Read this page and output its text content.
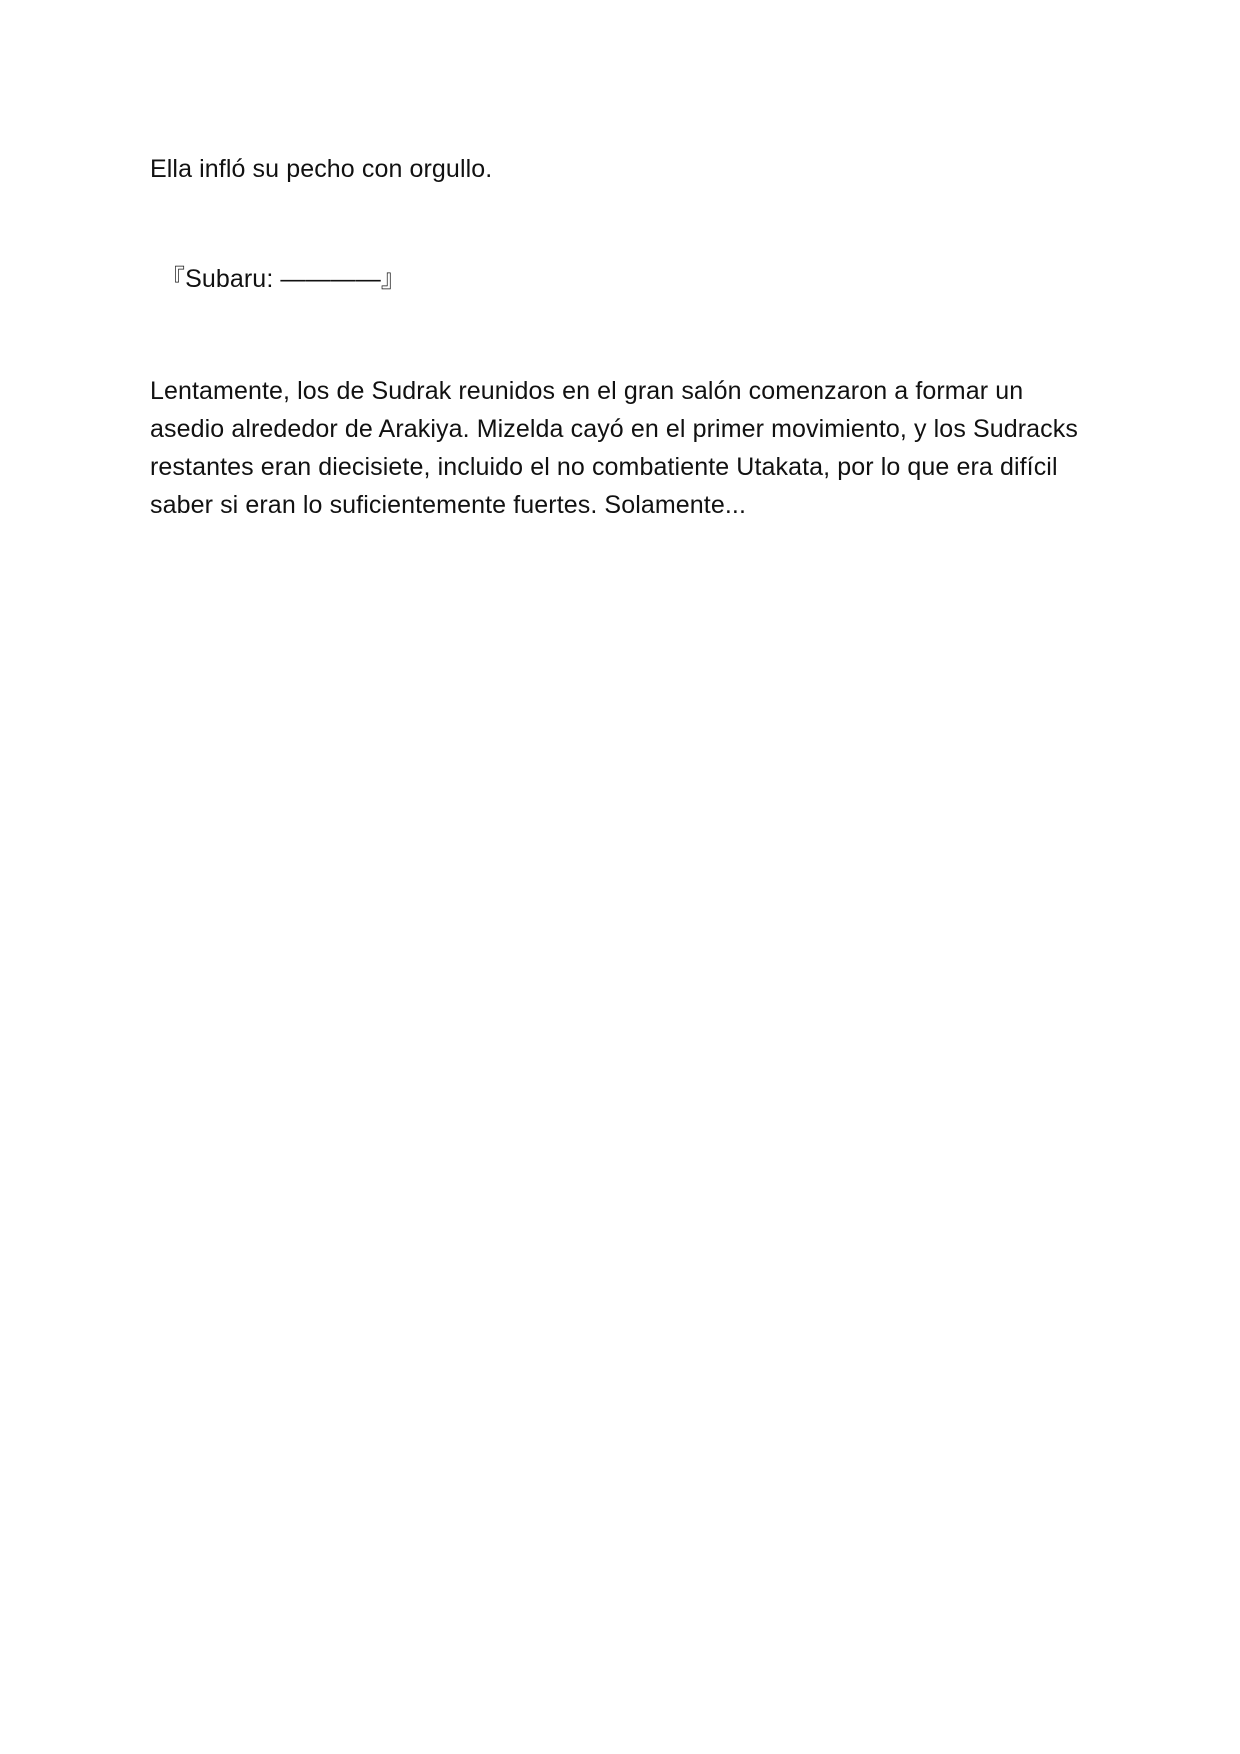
Ella infló su pecho con orgullo.

『Subaru: ————』

Lentamente, los de Sudrak reunidos en el gran salón comenzaron a formar un asedio alrededor de Arakiya. Mizelda cayó en el primer movimiento, y los Sudracks restantes eran diecisiete, incluido el no combatiente Utakata, por lo que era difícil saber si eran lo suficientemente fuertes. Solamente...
